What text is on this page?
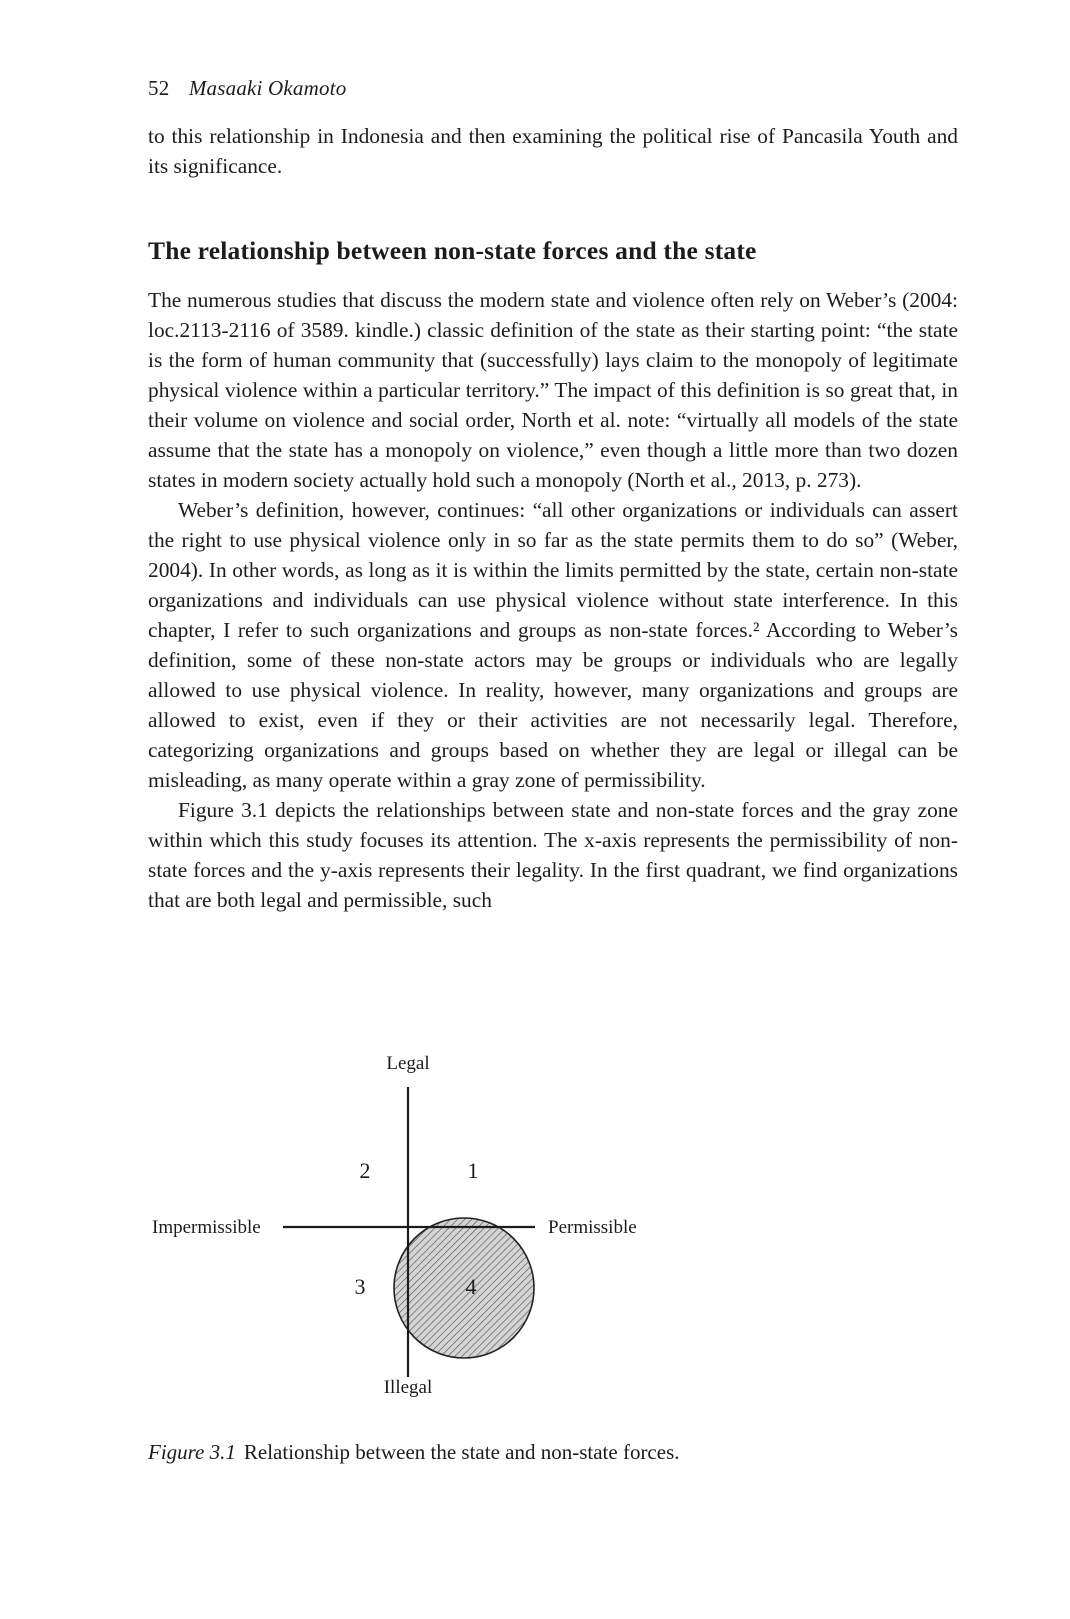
52 Masaaki Okamoto

to this relationship in Indonesia and then examining the political rise of Pancasila Youth and its significance.

The relationship between non-state forces and the state

The numerous studies that discuss the modern state and violence often rely on Weber’s (2004: loc.2113-2116 of 3589. kindle.) classic definition of the state as their starting point: “the state is the form of human community that (successfully) lays claim to the monopoly of legitimate physical violence within a particular territory.” The impact of this definition is so great that, in their volume on violence and social order, North et al. note: “virtually all models of the state assume that the state has a monopoly on violence,” even though a little more than two dozen states in modern society actually hold such a monopoly (North et al., 2013, p. 273).

Weber’s definition, however, continues: “all other organizations or individuals can assert the right to use physical violence only in so far as the state permits them to do so” (Weber, 2004). In other words, as long as it is within the limits permitted by the state, certain non-state organizations and individuals can use physical violence without state interference. In this chapter, I refer to such organizations and groups as non-state forces.² According to Weber’s definition, some of these non-state actors may be groups or individuals who are legally allowed to use physical violence. In reality, however, many organizations and groups are allowed to exist, even if they or their activities are not necessarily legal. Therefore, categorizing organizations and groups based on whether they are legal or illegal can be misleading, as many operate within a gray zone of permissibility.

Figure 3.1 depicts the relationships between state and non-state forces and the gray zone within which this study focuses its attention. The x-axis represents the permissibility of non-state forces and the y-axis represents their legality. In the first quadrant, we find organizations that are both legal and permissible, such

Legal
Illegal
Impermissible	Permissible
1
2
3	4
Figure 3.1 Relationship between the state and non-state forces.
